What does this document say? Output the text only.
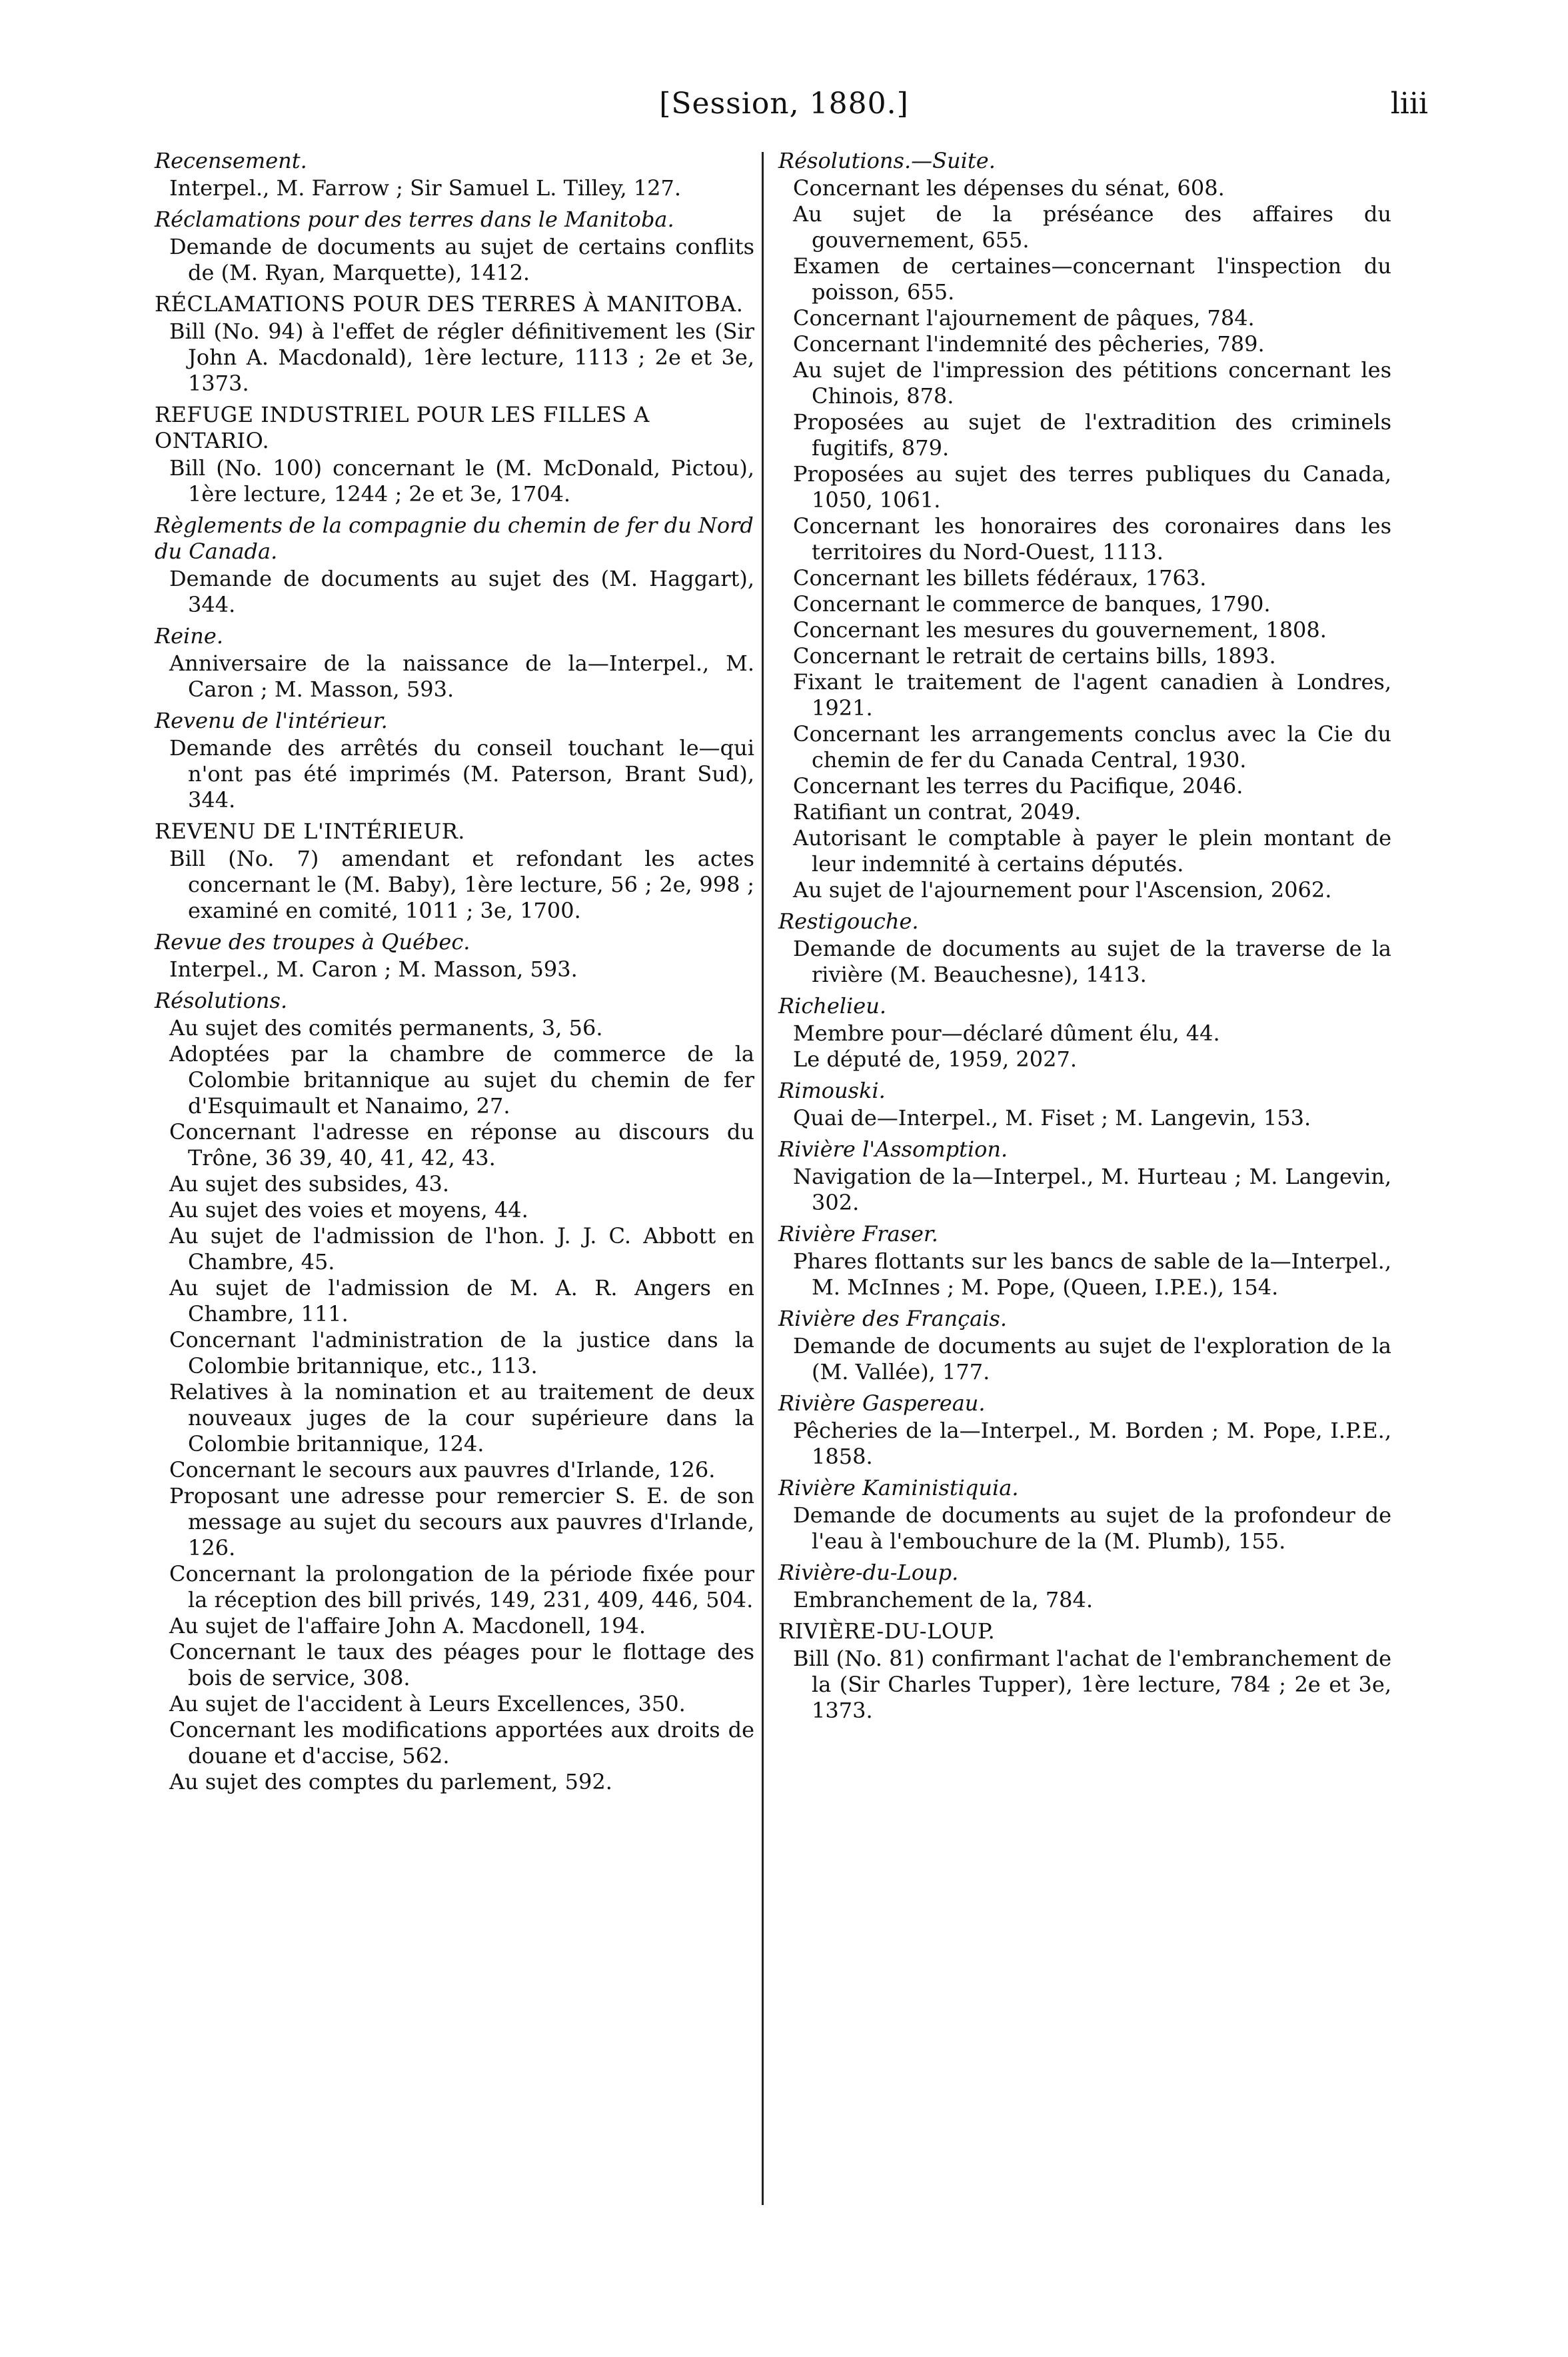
[Session, 1880.]	liii
Recensement.
Interpel., M. Farrow ; Sir Samuel L. Tilley, 127.
Réclamations pour des terres dans le Manitoba.
Demande de documents au sujet de certains conflits de (M. Ryan, Marquette), 1412.
RÉCLAMATIONS POUR DES TERRES À MANITOBA.
Bill (No. 94) à l'effet de régler définitivement les (Sir John A. Macdonald), 1ère lecture, 1113 ; 2e et 3e, 1373.
REFUGE INDUSTRIEL POUR LES FILLES A ONTARIO.
Bill (No. 100) concernant le (M. McDonald, Pictou), 1ère lecture, 1244 ; 2e et 3e, 1704.
Règlements de la compagnie du chemin de fer du Nord du Canada.
Demande de documents au sujet des (M. Haggart), 344.
Reine.
Anniversaire de la naissance de la—Interpel., M. Caron ; M. Masson, 593.
Revenu de l'intérieur.
Demande des arrêtés du conseil touchant le—qui n'ont pas été imprimés (M. Paterson, Brant Sud), 344.
REVENU DE L'INTÉRIEUR.
Bill (No. 7) amendant et refondant les actes concernant le (M. Baby), 1ère lecture, 56 ; 2e, 998 ; examiné en comité, 1011 ; 3e, 1700.
Revue des troupes à Québec.
Interpel., M. Caron ; M. Masson, 593.
Résolutions.
Au sujet des comités permanents, 3, 56.
Adoptées par la chambre de commerce de la Colombie britannique au sujet du chemin de fer d'Esquimault et Nanaimo, 27.
Concernant l'adresse en réponse au discours du Trône, 36 39, 40, 41, 42, 43.
Au sujet des subsides, 43.
Au sujet des voies et moyens, 44.
Au sujet de l'admission de l'hon. J. J. C. Abbott en Chambre, 45.
Au sujet de l'admission de M. A. R. Angers en Chambre, 111.
Concernant l'administration de la justice dans la Colombie britannique, etc., 113.
Relatives à la nomination et au traitement de deux nouveaux juges de la cour supérieure dans la Colombie britannique, 124.
Concernant le secours aux pauvres d'Irlande, 126.
Proposant une adresse pour remercier S. E. de son message au sujet du secours aux pauvres d'Irlande, 126.
Concernant la prolongation de la période fixée pour la réception des bill privés, 149, 231, 409, 446, 504.
Au sujet de l'affaire John A. Macdonell, 194.
Concernant le taux des péages pour le flottage des bois de service, 308.
Au sujet de l'accident à Leurs Excellences, 350.
Concernant les modifications apportées aux droits de douane et d'accise, 562.
Au sujet des comptes du parlement, 592.
Résolutions.—Suite.
Concernant les dépenses du sénat, 608.
Au sujet de la préséance des affaires du gouvernement, 655.
Examen de certaines—concernant l'inspection du poisson, 655.
Concernant l'ajournement de pâques, 784.
Concernant l'indemnité des pêcheries, 789.
Au sujet de l'impression des pétitions concernant les Chinois, 878.
Proposées au sujet de l'extradition des criminels fugitifs, 879.
Proposées au sujet des terres publiques du Canada, 1050, 1061.
Concernant les honoraires des coronaires dans les territoires du Nord-Ouest, 1113.
Concernant les billets fédéraux, 1763.
Concernant le commerce de banques, 1790.
Concernant les mesures du gouvernement, 1808.
Concernant le retrait de certains bills, 1893.
Fixant le traitement de l'agent canadien à Londres, 1921.
Concernant les arrangements conclus avec la Cie du chemin de fer du Canada Central, 1930.
Concernant les terres du Pacifique, 2046.
Ratifiant un contrat, 2049.
Autorisant le comptable à payer le plein montant de leur indemnité à certains députés.
Au sujet de l'ajournement pour l'Ascension, 2062.
Restigouche.
Demande de documents au sujet de la traverse de la rivière (M. Beauchesne), 1413.
Richelieu.
Membre pour—déclaré dûment élu, 44.
Le député de, 1959, 2027.
Rimouski.
Quai de—Interpel., M. Fiset ; M. Langevin, 153.
Rivière l'Assomption.
Navigation de la—Interpel., M. Hurteau ; M. Langevin, 302.
Rivière Fraser.
Phares flottants sur les bancs de sable de la—Interpel., M. McInnes ; M. Pope, (Queen, I.P.E.), 154.
Rivière des Français.
Demande de documents au sujet de l'exploration de la (M. Vallée), 177.
Rivière Gaspereau.
Pêcheries de la—Interpel., M. Borden ; M. Pope, I.P.E., 1858.
Rivière Kaministiquia.
Demande de documents au sujet de la profondeur de l'eau à l'embouchure de la (M. Plumb), 155.
Rivière-du-Loup.
Embranchement de la, 784.
RIVIÈRE-DU-LOUP.
Bill (No. 81) confirmant l'achat de l'embranchement de la (Sir Charles Tupper), 1ère lecture, 784 ; 2e et 3e, 1373.
